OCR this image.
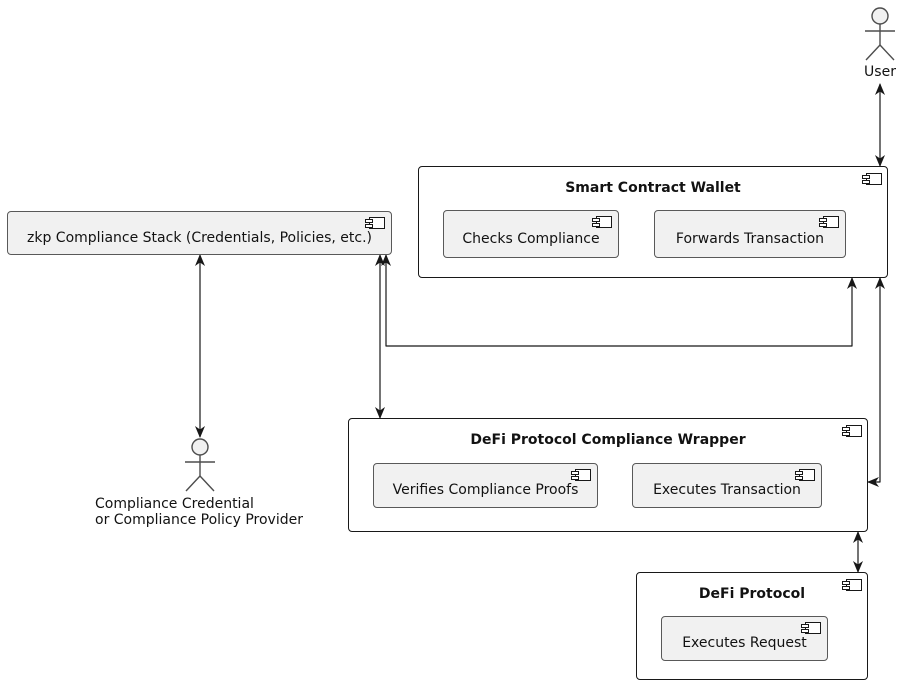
User
zkp Compliance Stack (Credentials, Policies, etc.)
Smart Contract Wallet
Checks Compliance	Forwards Transaction
Compliance Credential
or Compliance Policy Provider
DeFi Protocol Compliance Wrapper
Verifies Compliance Proofs	Executes Transaction
DeFi Protocol
Executes Request
